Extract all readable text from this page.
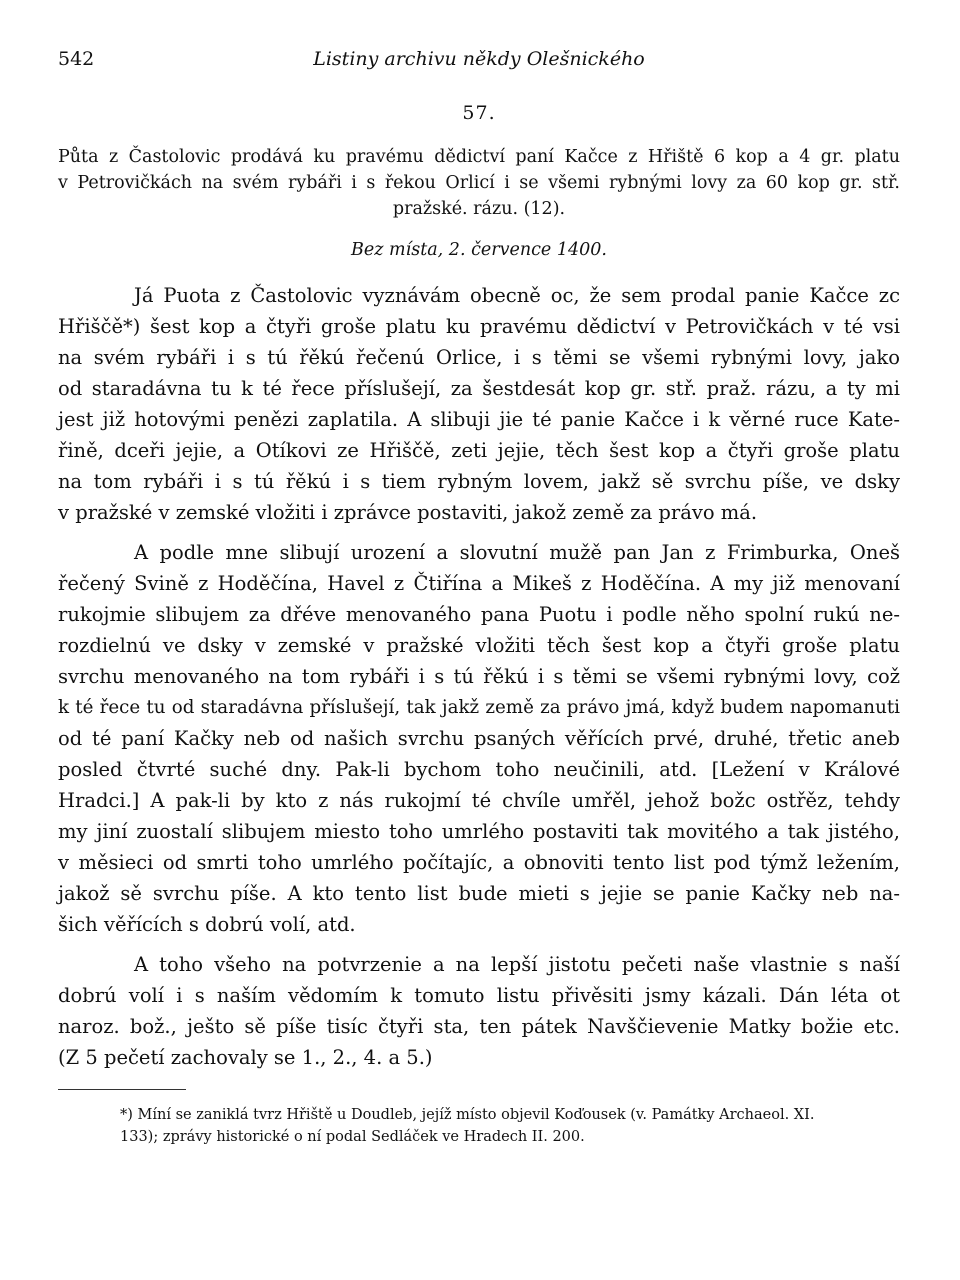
542	Listiny archivu někdy Olešnického
57.
Půta z Častolovic prodává ku pravému dědictví paní Kačce z Hřiště 6 kop a 4 gr. platu
v Petrovičkách na svém rybáři i s řekou Orlicí i se všemi rybnými lovy za 60 kop gr. stř.
pražské. rázu. (12).
Bez místa, 2. července 1400.
Já Puota z Častolovic vyznávám obecně oc, že sem prodal panie Kačce zc
Hřiščě*) šest kop a čtyři groše platu ku pravému dědictví v Petrovičkách v té vsi
na svém rybáři i s tú řěkú řečenú Orlice, i s těmi se všemi rybnými lovy, jako
od staradávna tu k té řece příslušejí, za šestdesát kop gr. stř. praž. rázu, a ty mi
jest již hotovými penězi zaplatila. A slibuji jie té panie Kačce i k věrné ruce Kate-
řině, dceři jejie, a Otíkovi ze Hřiščě, zeti jejie, těch šest kop a čtyři groše platu
na tom rybáři i s tú řěkú i s tiem rybným lovem, jakž sě svrchu píše, ve dsky
v pražské v zemské vložiti i zprávce postaviti, jakož země za právo má.
A podle mne slibují urození a slovutní mužě pan Jan z Frimburka, Oneš
řečený Svině z Hoděčína, Havel z Čtiřína a Mikeš z Hoděčína. A my již menovaní
rukojmie slibujem za dřéve menovaného pana Puotu i podle něho spolní rukú ne-
rozdielnú ve dsky v zemské v pražské vložiti těch šest kop a čtyři groše platu
svrchu menovaného na tom rybáři i s tú řěkú i s těmi se všemi rybnými lovy, což
k té řece tu od staradávna příslušejí, tak jakž země za právo jmá, když budem napomanuti
od té paní Kačky neb od našich svrchu psaných věřících prvé, druhé, třetic aneb
posled čtvrté suché dny. Pak-li bychom toho neučinili, atd. [Ležení v Králové
Hradci.] A pak-li by kto z nás rukojmí té chvíle umřěl, jehož božc ostřěz, tehdy
my jiní zuostalí slibujem miesto toho umrlého postaviti tak movitého a tak jistého,
v měsieci od smrti toho umrlého počítajíc, a obnoviti tento list pod týmž ležením,
jakož sě svrchu píše. A kto tento list bude mieti s jejie se panie Kačky neb na-
šich věřících s dobrú volí, atd.
A toho všeho na potvrzenie a na lepší jistotu pečeti naše vlastnie s naší
dobrú volí i s naším vědomím k tomuto listu přivěsiti jsmy kázali. Dán léta ot
naroz. bož., ješto sě píše tisíc čtyři sta, ten pátek Navščievenie Matky božie etc.
(Z 5 pečetí zachovaly se 1., 2., 4. a 5.)
*) Míní se zaniklá tvrz Hřiště u Doudleb, jejíž místo objevil Koďousek (v. Památky Archaeol. XI.
133); zprávy historické o ní podal Sedláček ve Hradech II. 200.
